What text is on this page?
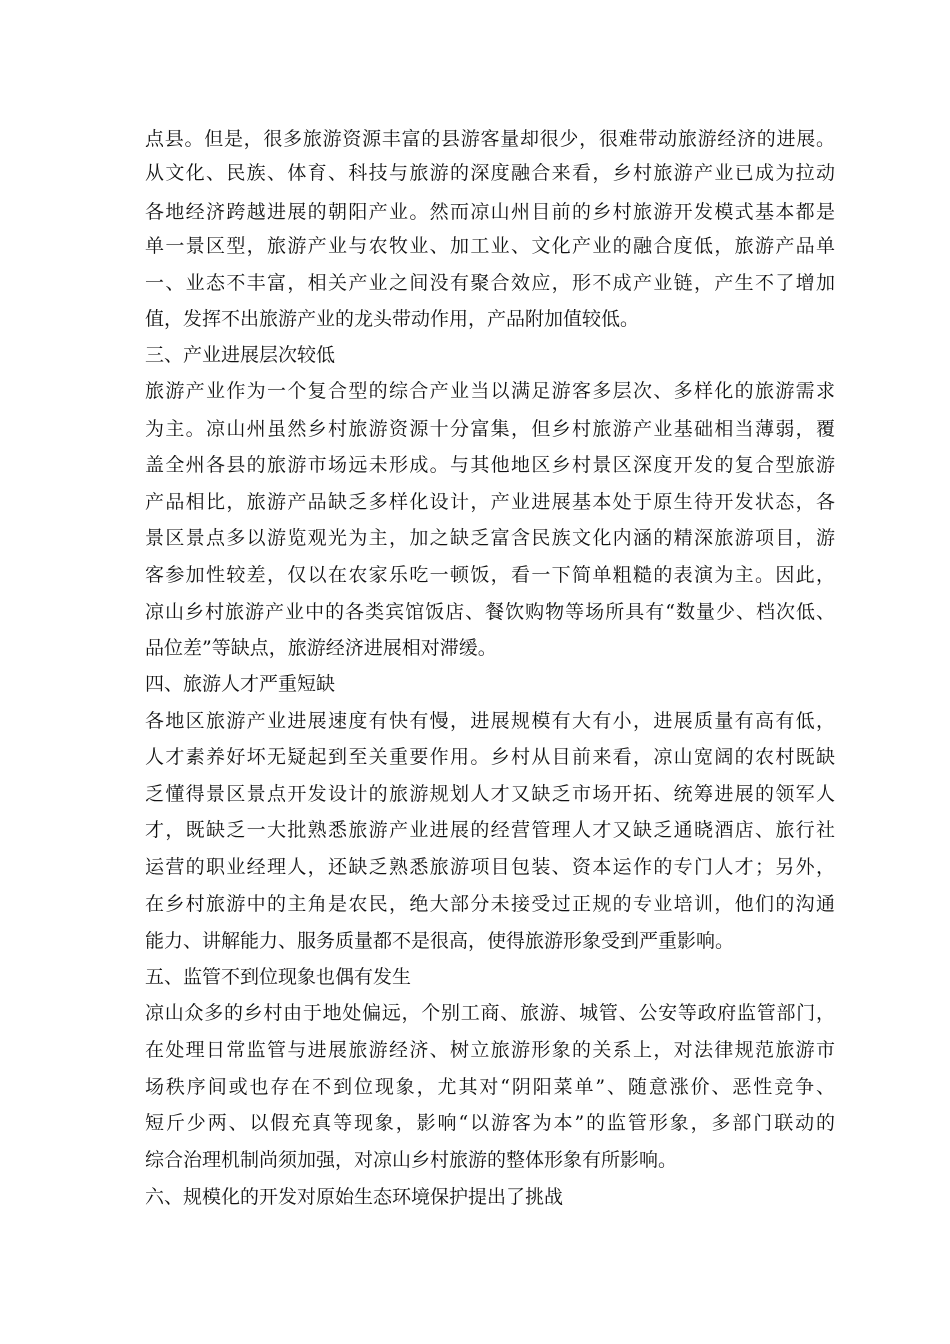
点县。但是，很多旅游资源丰富的县游客量却很少，很难带动旅游经济的进展。
从文化、民族、体育、科技与旅游的深度融合来看，乡村旅游产业已成为拉动
各地经济跨越进展的朝阳产业。然而凉山州目前的乡村旅游开发模式基本都是
单一景区型，旅游产业与农牧业、加工业、文化产业的融合度低，旅游产品单
一、业态不丰富，相关产业之间没有聚合效应，形不成产业链，产生不了增加
值，发挥不出旅游产业的龙头带动作用，产品附加值较低。
三、产业进展层次较低
旅游产业作为一个复合型的综合产业当以满足游客多层次、多样化的旅游需求
为主。凉山州虽然乡村旅游资源十分富集，但乡村旅游产业基础相当薄弱，覆
盖全州各县的旅游市场远未形成。与其他地区乡村景区深度开发的复合型旅游
产品相比，旅游产品缺乏多样化设计，产业进展基本处于原生待开发状态，各
景区景点多以游览观光为主，加之缺乏富含民族文化内涵的精深旅游项目，游
客参加性较差，仅以在农家乐吃一顿饭，看一下简单粗糙的表演为主。因此，
凉山乡村旅游产业中的各类宾馆饭店、餐饮购物等场所具有“数量少、档次低、
品位差”等缺点，旅游经济进展相对滞缓。
四、旅游人才严重短缺
各地区旅游产业进展速度有快有慢，进展规模有大有小，进展质量有高有低，
人才素养好坏无疑起到至关重要作用。乡村从目前来看，凉山宽阔的农村既缺
乏懂得景区景点开发设计的旅游规划人才又缺乏市场开拓、统筹进展的领军人
才，既缺乏一大批熟悉旅游产业进展的经营管理人才又缺乏通晓酒店、旅行社
运营的职业经理人，还缺乏熟悉旅游项目包装、资本运作的专门人才；另外，
在乡村旅游中的主角是农民，绝大部分未接受过正规的专业培训，他们的沟通
能力、讲解能力、服务质量都不是很高，使得旅游形象受到严重影响。
五、监管不到位现象也偶有发生
凉山众多的乡村由于地处偏远，个别工商、旅游、城管、公安等政府监管部门，
在处理日常监管与进展旅游经济、树立旅游形象的关系上，对法律规范旅游市
场秩序间或也存在不到位现象，尤其对“阴阳菜单”、随意涨价、恶性竞争、
短斤少两、以假充真等现象，影响“以游客为本”的监管形象，多部门联动的
综合治理机制尚须加强，对凉山乡村旅游的整体形象有所影响。
六、规模化的开发对原始生态环境保护提出了挑战
